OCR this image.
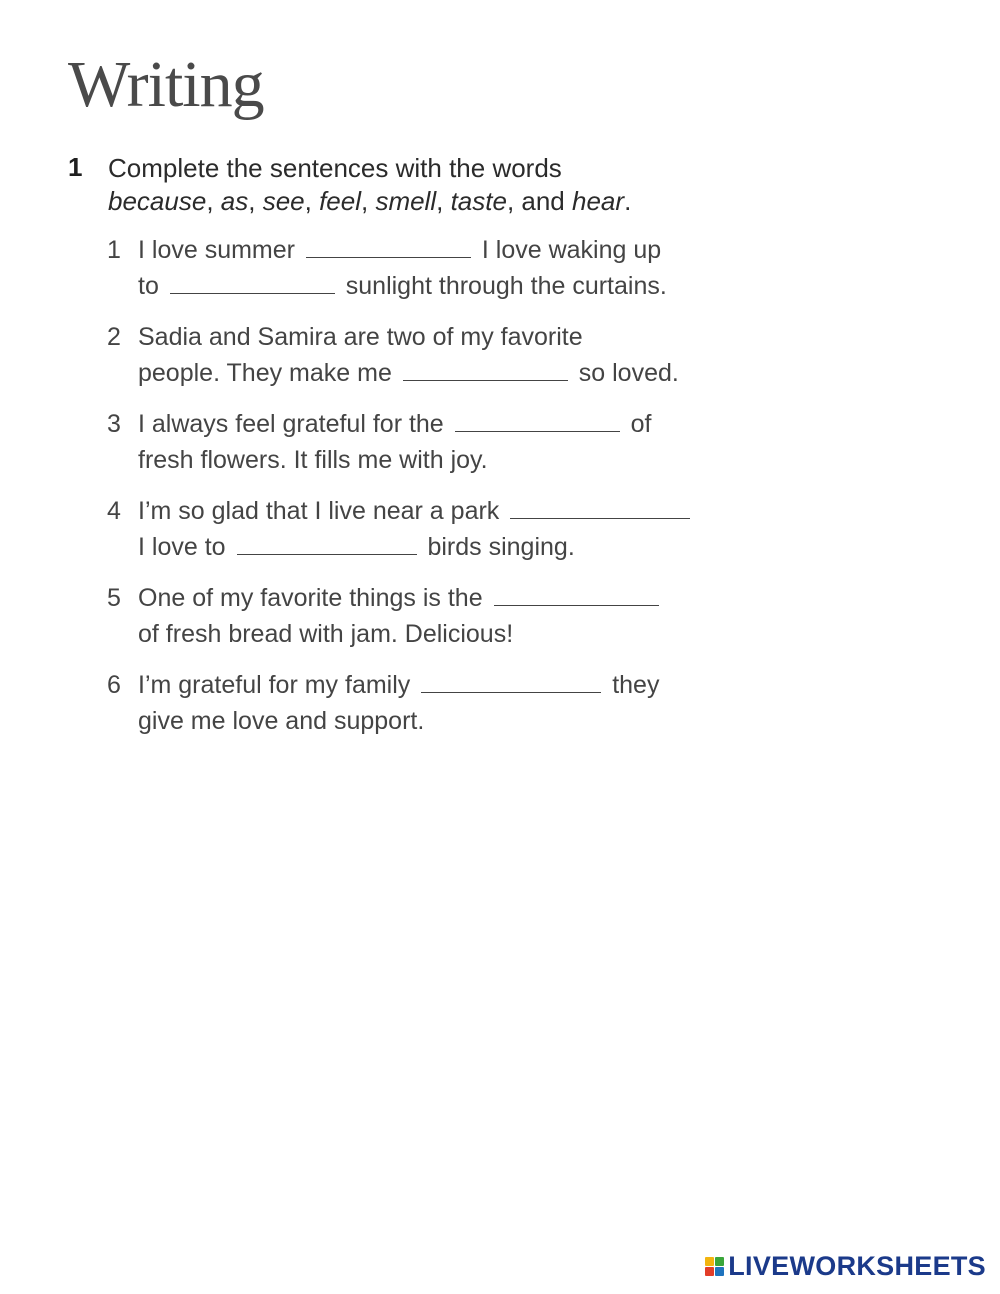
Writing
1 Complete the sentences with the words
because, as, see, feel, smell, taste, and hear.
1 I love summer	I love waking up
to	sunlight through the curtains.
2 Sadia and Samira are two of my favorite
people. They make me	so loved.
3 I always feel grateful for the	of
fresh flowers. It fills me with joy.
4 I’m so glad that I live near a park
I love to	birds singing.
5 One of my favorite things is the
of fresh bread with jam. Delicious!
6 I’m grateful for my family	they
give me love and support.
LIVEWORKSHEETS
